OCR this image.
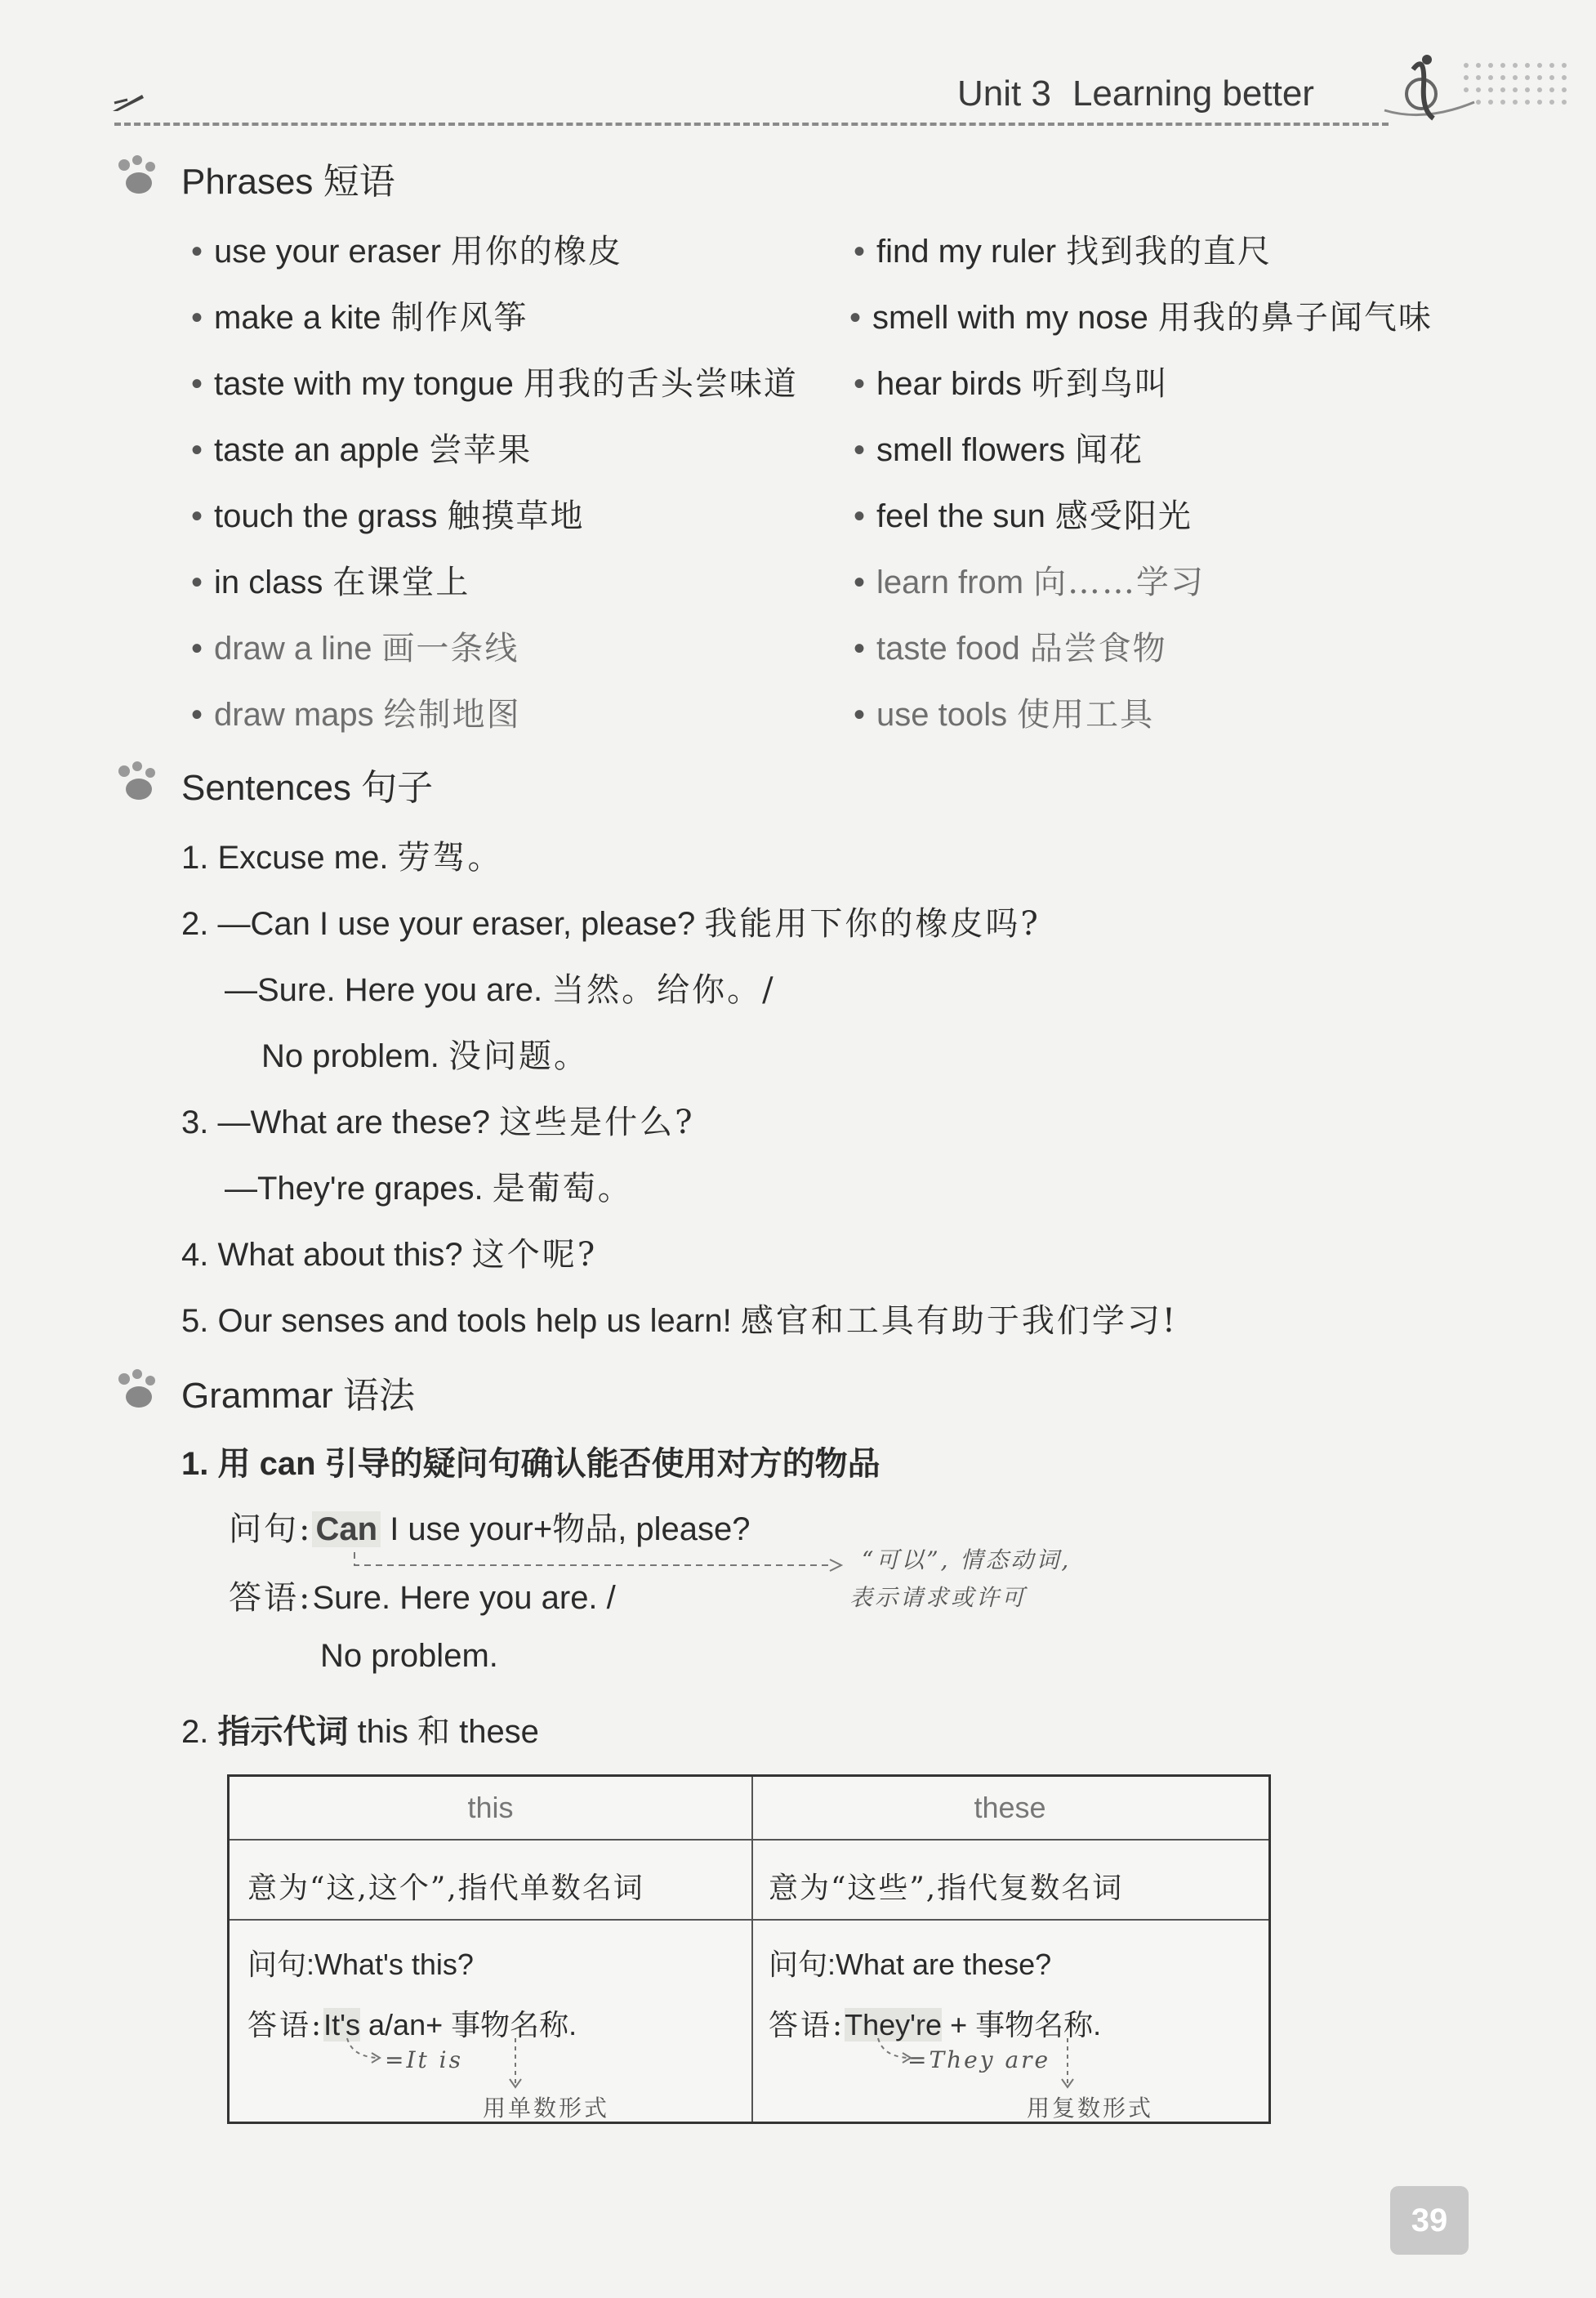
Unit 3 Learning better
Phrases 短语
• use your eraser 用你的橡皮
• make a kite 制作风筝
• taste with my tongue 用我的舌头尝味道
• taste an apple 尝苹果
• touch the grass 触摸草地
• in class 在课堂上
• draw a line 画一条线
• draw maps 绘制地图
• find my ruler 找到我的直尺
• smell with my nose 用我的鼻子闻气味
• hear birds 听到鸟叫
• smell flowers 闻花
• feel the sun 感受阳光
• learn from 向……学习
• taste food 品尝食物
• use tools 使用工具
Sentences 句子
1. Excuse me. 劳驾。
2. —Can I use your eraser, please? 我能用下你的橡皮吗?
—Sure. Here you are. 当然。给你。/
No problem. 没问题。
3. —What are these? 这些是什么?
—They're grapes. 是葡萄。
4. What about this? 这个呢?
5. Our senses and tools help us learn! 感官和工具有助于我们学习!
Grammar 语法
1. 用 can 引导的疑问句确认能否使用对方的物品
问句: Can I use your+物品, please?
“可以”, 情态动词,
表示请求或许可
答语:Sure. Here you are. /
No problem.
2. 指示代词 this 和 these
this	these
意为“这,这个”,指代单数名词	意为“这些”,指代复数名词
问句:What's this?
答语:It's a/an+ 事物名称.
=It is
用单数形式
问句:What are these?
答语:They're + 事物名称.
=They are
用复数形式
39
